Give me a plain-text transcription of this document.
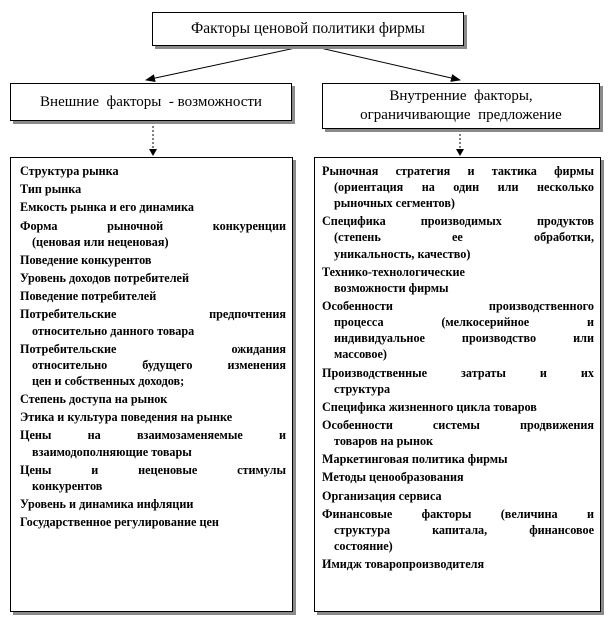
Факторы ценовой политики фирмы
Внешние  факторы  - возможности	Внутренние  факторы,
ограничивающие  предложение
Структура рынка
Тип рынка
Емкость рынка и его динамика
Форма рыночной конкуренции
(ценовая или неценовая)
Поведение конкурентов
Уровень доходов потребителей
Поведение потребителей
Потребительские предпочтения
относительно данного товара
Потребительские ожидания
относительно будущего изменения
цен и собственных доходов;
Степень доступа на рынок
Этика и культура поведения на рынке
Цены на взаимозаменяемые и
взаимодополняющие товары
Цены и неценовые стимулы
конкурентов
Уровень и динамика инфляции
Государственное регулирование цен
Рыночная стратегия и тактика фирмы
(ориентация на один или несколько
рыночных сегментов)
Специфика производимых продуктов
(степень ее обработки,
уникальность, качество)
Технико-технологические
возможности фирмы
Особенности производственного
процесса (мелкосерийное и
индивидуальное производство или
массовое)
Производственные затраты и их
структура
Специфика жизненного цикла товаров
Особенности системы продвижения
товаров на рынок
Маркетинговая политика фирмы
Методы ценообразования
Организация сервиса
Финансовые факторы (величина и
структура капитала, финансовое
состояние)
Имидж товаропроизводителя
